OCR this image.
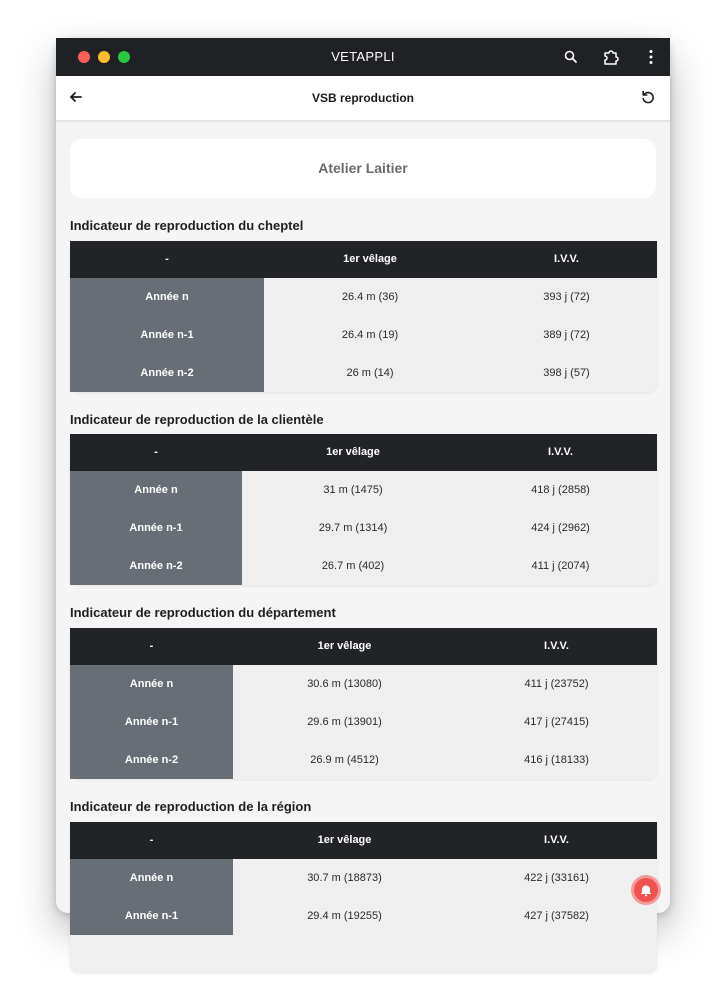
VETAPPLI
VSB reproduction
Atelier Laitier
Indicateur de reproduction du cheptel
-	1er vêlage	I.V.V.
Année n	26.4 m (36)	393 j (72)
Année n-1	26.4 m (19)	389 j (72)
Année n-2	26 m (14)	398 j (57)
Indicateur de reproduction de la clientèle
-	1er vêlage	I.V.V.
Année n	31 m (1475)	418 j (2858)
Année n-1	29.7 m (1314)	424 j (2962)
Année n-2	26.7 m (402)	411 j (2074)
Indicateur de reproduction du département
-	1er vêlage	I.V.V.
Année n	30.6 m (13080)	411 j (23752)
Année n-1	29.6 m (13901)	417 j (27415)
Année n-2	26.9 m (4512)	416 j (18133)
Indicateur de reproduction de la région
-	1er vêlage	I.V.V.
Année n	30.7 m (18873)	422 j (33161)
Année n-1	29.4 m (19255)	427 j (37582)
